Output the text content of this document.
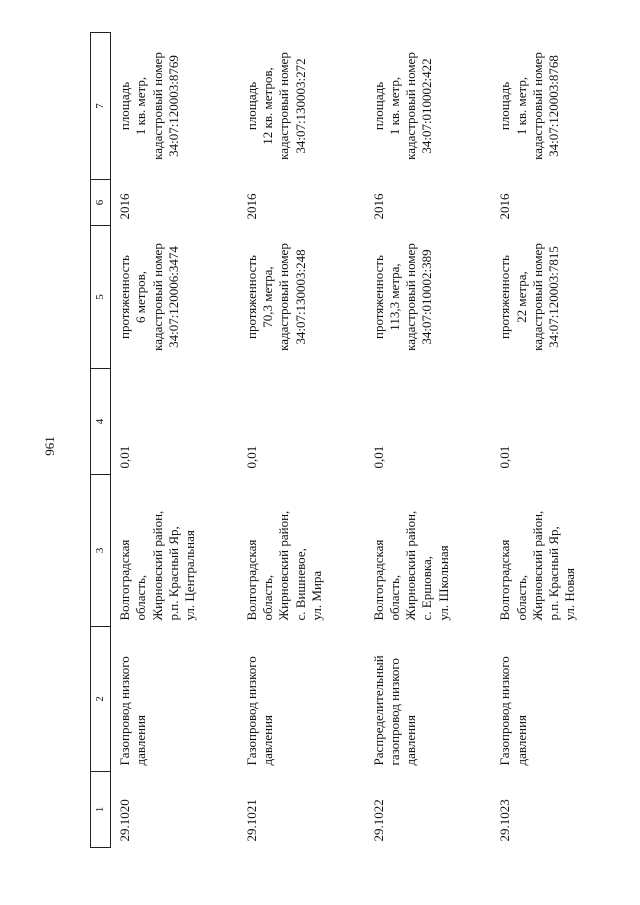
961
1	2	3	4	5	6	7
29.1020	Газопровод низкого
давления	Волгоградская
область,
Жирновский район,
р.п. Красный Яр,
ул. Центральная	0,01	протяженность
6 метров,
кадастровый номер
34:07:120006:3474	2016	площадь
1 кв. метр,
кадастровый номер
34:07:120003:8769
29.1021	Газопровод низкого
давления	Волгоградская
область,
Жирновский район,
с. Вишневое,
ул. Мира	0,01	протяженность
70,3 метра,
кадастровый номер
34:07:130003:248	2016	площадь
12 кв. метров,
кадастровый номер
34:07:130003:272
29.1022	Распределительный
газопровод низкого
давления	Волгоградская
область,
Жирновский район,
с. Ершовка,
ул. Школьная	0,01	протяженность
113,3 метра,
кадастровый номер
34:07:010002:389	2016	площадь
1 кв. метр,
кадастровый номер
34:07:010002:422
29.1023	Газопровод низкого
давления	Волгоградская
область,
Жирновский район,
р.п. Красный Яр,
ул. Новая	0,01	протяженность
22 метра,
кадастровый номер
34:07:120003:7815	2016	площадь
1 кв. метр,
кадастровый номер
34:07:120003:8768
